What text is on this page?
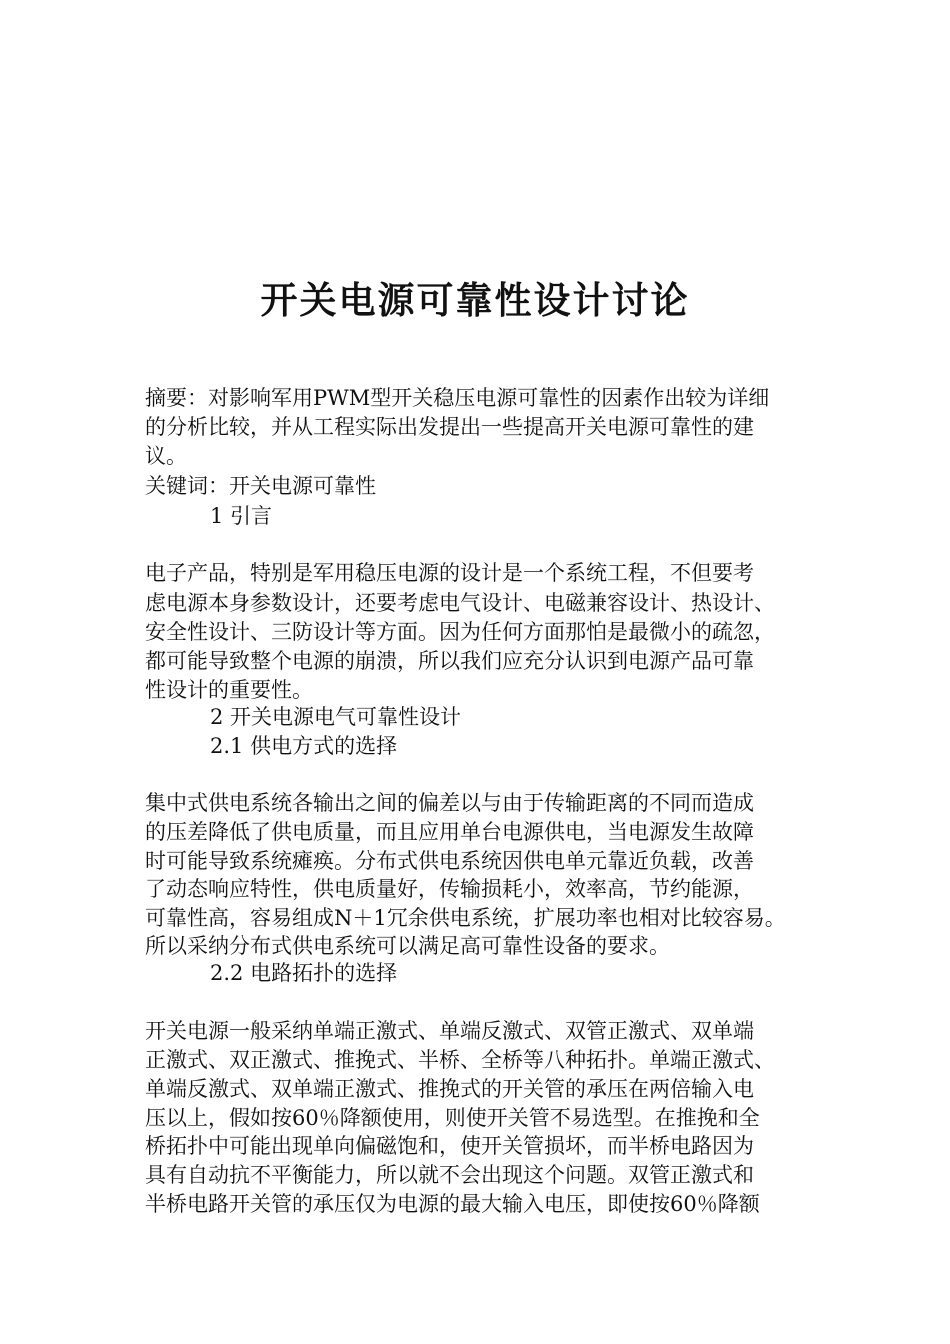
开关电源可靠性设计讨论
摘要：对影响军用PWM型开关稳压电源可靠性的因素作出较为详细
的分析比较，并从工程实际出发提出一些提高开关电源可靠性的建
议。
关键词：开关电源可靠性
1 引言
电子产品，特别是军用稳压电源的设计是一个系统工程，不但要考
虑电源本身参数设计，还要考虑电气设计、电磁兼容设计、热设计、
安全性设计、三防设计等方面。因为任何方面那怕是最微小的疏忽，
都可能导致整个电源的崩溃，所以我们应充分认识到电源产品可靠
性设计的重要性。
2 开关电源电气可靠性设计
2.1 供电方式的选择
集中式供电系统各输出之间的偏差以与由于传输距离的不同而造成
的压差降低了供电质量，而且应用单台电源供电，当电源发生故障
时可能导致系统瘫痪。分布式供电系统因供电单元靠近负载，改善
了动态响应特性，供电质量好，传输损耗小，效率高，节约能源，
可靠性高，容易组成N＋1冗余供电系统，扩展功率也相对比较容易。
所以采纳分布式供电系统可以满足高可靠性设备的要求。
2.2 电路拓扑的选择
开关电源一般采纳单端正激式、单端反激式、双管正激式、双单端
正激式、双正激式、推挽式、半桥、全桥等八种拓扑。单端正激式、
单端反激式、双单端正激式、推挽式的开关管的承压在两倍输入电
压以上，假如按60％降额使用，则使开关管不易选型。在推挽和全
桥拓扑中可能出现单向偏磁饱和，使开关管损坏，而半桥电路因为
具有自动抗不平衡能力，所以就不会出现这个问题。双管正激式和
半桥电路开关管的承压仅为电源的最大输入电压，即使按60％降额
